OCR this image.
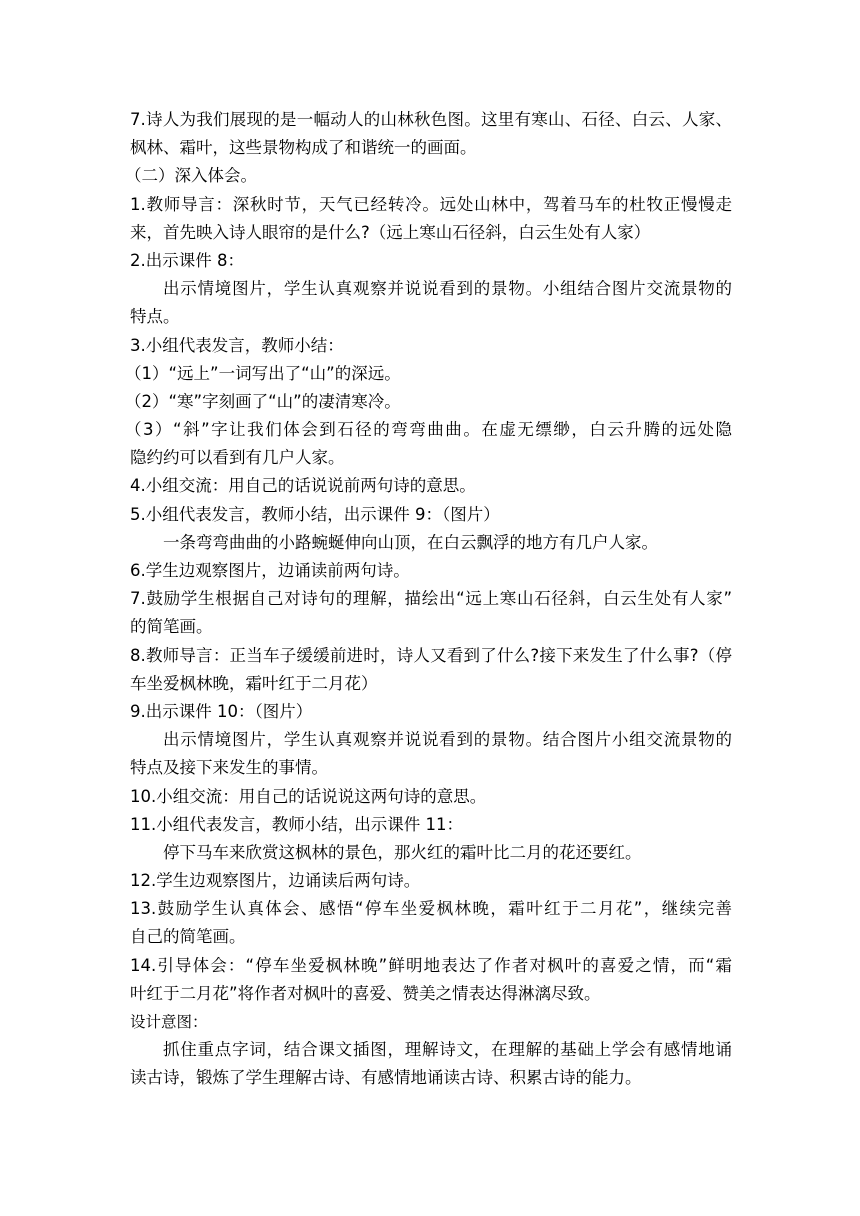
7.诗人为我们展现的是一幅动人的山林秋色图。这里有寒山、石径、白云、人家、
枫林、霜叶，这些景物构成了和谐统一的画面。
（二）深入体会。
1.教师导言：深秋时节，天气已经转冷。远处山林中，驾着马车的杜牧正慢慢走
来，首先映入诗人眼帘的是什么?（远上寒山石径斜，白云生处有人家）
2.出示课件 8：
出示情境图片，学生认真观察并说说看到的景物。小组结合图片交流景物的
特点。
3.小组代表发言，教师小结：
（1）“远上”一词写出了“山”的深远。
（2）“寒”字刻画了“山”的凄清寒冷。
（3）“斜”字让我们体会到石径的弯弯曲曲。在虚无缥缈，白云升腾的远处隐
隐约约可以看到有几户人家。
4.小组交流：用自己的话说说前两句诗的意思。
5.小组代表发言，教师小结，出示课件 9：（图片）
一条弯弯曲曲的小路蜿蜒伸向山顶，在白云飘浮的地方有几户人家。
6.学生边观察图片，边诵读前两句诗。
7.鼓励学生根据自己对诗句的理解，描绘出“远上寒山石径斜，白云生处有人家”
的简笔画。
8.教师导言：正当车子缓缓前进时，诗人又看到了什么?接下来发生了什么事?（停
车坐爱枫林晚，霜叶红于二月花）
9.出示课件 10：（图片）
出示情境图片，学生认真观察并说说看到的景物。结合图片小组交流景物的
特点及接下来发生的事情。
10.小组交流：用自己的话说说这两句诗的意思。
11.小组代表发言，教师小结，出示课件 11：
停下马车来欣赏这枫林的景色，那火红的霜叶比二月的花还要红。
12.学生边观察图片，边诵读后两句诗。
13.鼓励学生认真体会、感悟“停车坐爱枫林晚，霜叶红于二月花”，继续完善
自己的简笔画。
14.引导体会：“停车坐爱枫林晚”鲜明地表达了作者对枫叶的喜爱之情，而“霜
叶红于二月花”将作者对枫叶的喜爱、赞美之情表达得淋漓尽致。
设计意图：
抓住重点字词，结合课文插图，理解诗文，在理解的基础上学会有感情地诵
读古诗，锻炼了学生理解古诗、有感情地诵读古诗、积累古诗的能力。
